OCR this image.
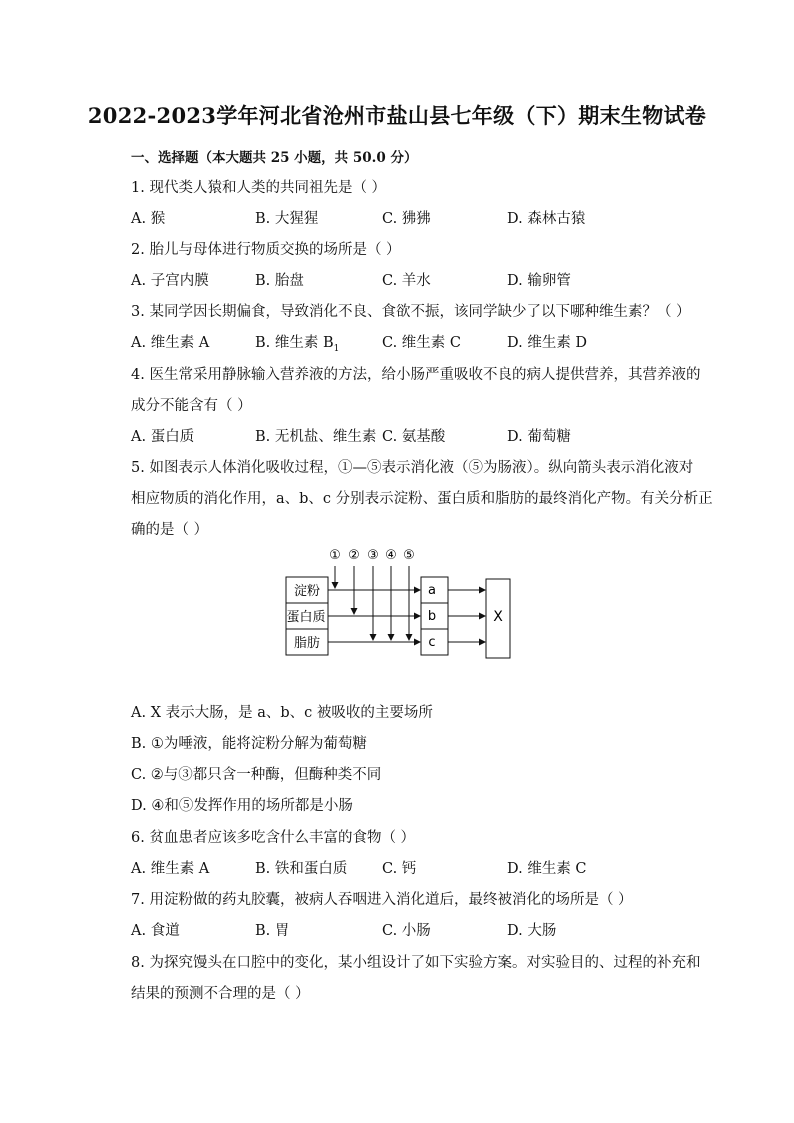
2022-2023学年河北省沧州市盐山县七年级（下）期末生物试卷
一、选择题（本大题共 25 小题，共 50.0 分）
1. 现代类人猿和人类的共同祖先是（ ）
A. 猴	B. 大猩猩	C. 狒狒	D. 森林古猿
2. 胎儿与母体进行物质交换的场所是（ ）
A. 子宫内膜	B. 胎盘	C. 羊水	D. 输卵管
3. 某同学因长期偏食，导致消化不良、食欲不振，该同学缺少了以下哪种维生素？（ ）
A. 维生素 A	B. 维生素 $B_1$	C. 维生素 C	D. 维生素 D
4. 医生常采用静脉输入营养液的方法，给小肠严重吸收不良的病人提供营养，其营养液的
成分不能含有（ ）
A. 蛋白质	B. 无机盐、维生素 C. 氨基酸	D. 葡萄糖
5. 如图表示人体消化吸收过程，①—⑤表示消化液（⑤为肠液）。纵向箭头表示消化液对
相应物质的消化作用，a、b、c 分别表示淀粉、蛋白质和脂肪的最终消化产物。有关分析正
确的是（ ）
① ② ③ ④ ⑤
淀粉
蛋白质
脂肪
a
b
c
X
A. X 表示大肠，是 a、b、c 被吸收的主要场所
B. ①为唾液，能将淀粉分解为葡萄糖
C. ②与③都只含一种酶，但酶种类不同
D. ④和⑤发挥作用的场所都是小肠
6. 贫血患者应该多吃含什么丰富的食物（ ）
A. 维生素 A	B. 铁和蛋白质 C. 钙	D. 维生素 C
7. 用淀粉做的药丸胶囊，被病人吞咽进入消化道后，最终被消化的场所是（ ）
A. 食道	B. 胃	C. 小肠	D. 大肠
8. 为探究馒头在口腔中的变化，某小组设计了如下实验方案。对实验目的、过程的补充和
结果的预测不合理的是（ ）
